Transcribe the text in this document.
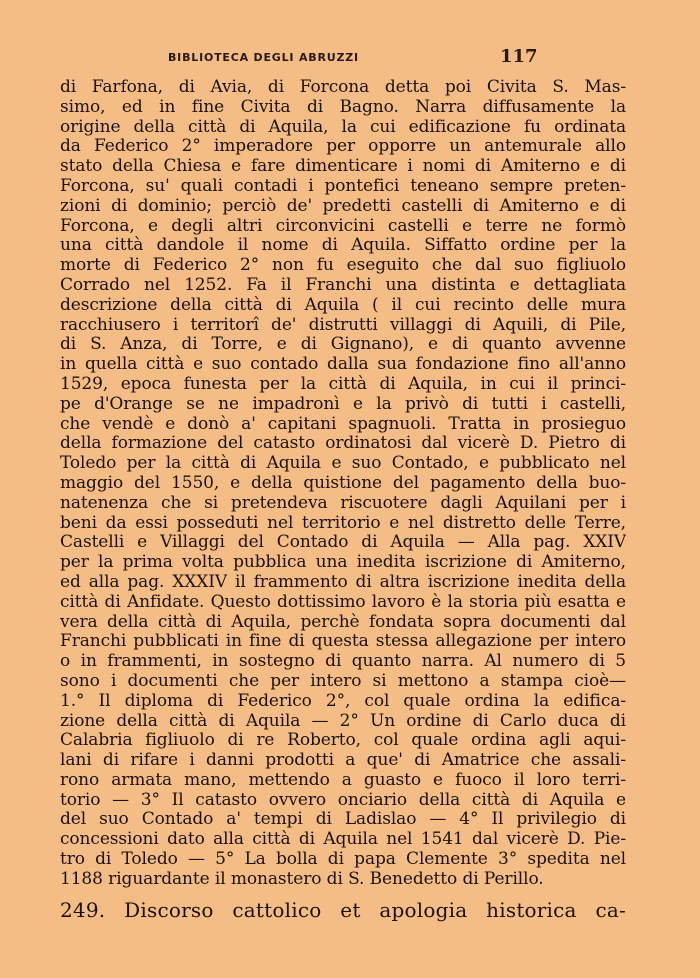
BIBLIOTECA DEGLI ABRUZZI	117
di Farfona, di Avia, di Forcona detta poi Civita S. Mas-
simo, ed in fine Civita di Bagno. Narra diffusamente la
origine della città di Aquila, la cui edificazione fu ordinata
da Federico 2° imperadore per opporre un antemurale allo
stato della Chiesa e fare dimenticare i nomi di Amiterno e di
Forcona, su' quali contadi i pontefici teneano sempre preten-
zioni di dominio; perciò de' predetti castelli di Amiterno e di
Forcona, e degli altri circonvicini castelli e terre ne formò
una città dandole il nome di Aquila. Siffatto ordine per la
morte di Federico 2° non fu eseguito che dal suo figliuolo
Corrado nel 1252. Fa il Franchi una distinta e dettagliata
descrizione della città di Aquila ( il cui recinto delle mura
racchiusero i territorî de' distrutti villaggi di Aquili, di Pile,
di S. Anza, di Torre, e di Gignano), e di quanto avvenne
in quella città e suo contado dalla sua fondazione fino all'anno
1529, epoca funesta per la città di Aquila, in cui il princi-
pe d'Orange se ne impadronì e la privò di tutti i castelli,
che vendè e donò a' capitani spagnuoli. Tratta in prosieguo
della formazione del catasto ordinatosi dal vicerè D. Pietro di
Toledo per la città di Aquila e suo Contado, e pubblicato nel
maggio del 1550, e della quistione del pagamento della buo-
natenenza che si pretendeva riscuotere dagli Aquilani per i
beni da essi posseduti nel territorio e nel distretto delle Terre,
Castelli e Villaggi del Contado di Aquila — Alla pag. XXIV
per la prima volta pubblica una inedita iscrizione di Amiterno,
ed alla pag. XXXIV il frammento di altra iscrizione inedita della
città di Anfidate. Questo dottissimo lavoro è la storia più esatta e
vera della città di Aquila, perchè fondata sopra documenti dal
Franchi pubblicati in fine di questa stessa allegazione per intero
o in frammenti, in sostegno di quanto narra. Al numero di 5
sono i documenti che per intero si mettono a stampa cioè—
1.° Il diploma di Federico 2°, col quale ordina la edifica-
zione della città di Aquila — 2° Un ordine di Carlo duca di
Calabria figliuolo di re Roberto, col quale ordina agli aqui-
lani di rifare i danni prodotti a que' di Amatrice che assali-
rono armata mano, mettendo a guasto e fuoco il loro terri-
torio — 3° Il catasto ovvero onciario della città di Aquila e
del suo Contado a' tempi di Ladislao — 4° Il privilegio di
concessioni dato alla città di Aquila nel 1541 dal vicerè D. Pie-
tro di Toledo — 5° La bolla di papa Clemente 3° spedita nel
1188 riguardante il monastero di S. Benedetto di Perillo.
249. Discorso cattolico et apologia historica ca-
